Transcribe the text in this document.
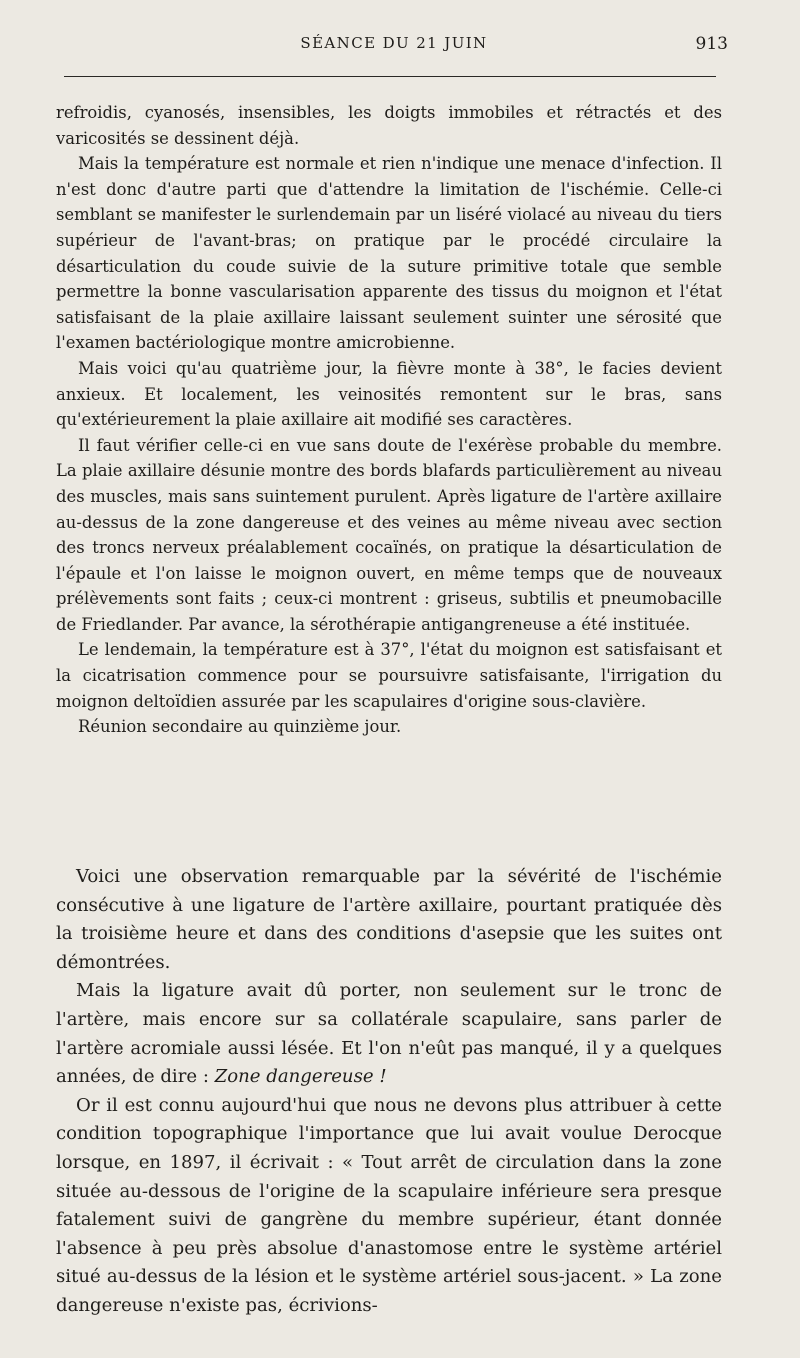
SÉANCE DU 21 JUIN	913

refroidis, cyanosés, insensibles, les doigts immobiles et rétractés et des varicosités se dessinent déjà.

Mais la température est normale et rien n'indique une menace d'infection. Il n'est donc d'autre parti que d'attendre la limitation de l'ischémie. Celle-ci semblant se manifester le surlendemain par un liséré violacé au niveau du tiers supérieur de l'avant-bras; on pratique par le procédé circulaire la désarticulation du coude suivie de la suture primitive totale que semble permettre la bonne vascularisation apparente des tissus du moignon et l'état satisfaisant de la plaie axillaire laissant seulement suinter une sérosité que l'examen bactériologique montre amicrobienne.

Mais voici qu'au quatrième jour, la fièvre monte à 38°, le facies devient anxieux. Et localement, les veinosités remontent sur le bras, sans qu'extérieurement la plaie axillaire ait modifié ses caractères.

Il faut vérifier celle-ci en vue sans doute de l'exérèse probable du membre. La plaie axillaire désunie montre des bords blafards particulièrement au niveau des muscles, mais sans suintement purulent. Après ligature de l'artère axillaire au-dessus de la zone dangereuse et des veines au même niveau avec section des troncs nerveux préalablement cocaïnés, on pratique la désarticulation de l'épaule et l'on laisse le moignon ouvert, en même temps que de nouveaux prélèvements sont faits ; ceux-ci montrent : griseus, subtilis et pneumobacille de Friedlander. Par avance, la sérothérapie antigangreneuse a été instituée.

Le lendemain, la température est à 37°, l'état du moignon est satisfaisant et la cicatrisation commence pour se poursuivre satisfaisante, l'irrigation du moignon deltoïdien assurée par les scapulaires d'origine sous-clavière.

Réunion secondaire au quinzième jour.

Voici une observation remarquable par la sévérité de l'ischémie consécutive à une ligature de l'artère axillaire, pourtant pratiquée dès la troisième heure et dans des conditions d'asepsie que les suites ont démontrées.

Mais la ligature avait dû porter, non seulement sur le tronc de l'artère, mais encore sur sa collatérale scapulaire, sans parler de l'artère acromiale aussi lésée. Et l'on n'eût pas manqué, il y a quelques années, de dire : Zone dangereuse !

Or il est connu aujourd'hui que nous ne devons plus attribuer à cette condition topographique l'importance que lui avait voulue Derocque lorsque, en 1897, il écrivait : « Tout arrêt de circulation dans la zone située au-dessous de l'origine de la scapulaire inférieure sera presque fatalement suivi de gangrène du membre supérieur, étant donnée l'absence à peu près absolue d'anastomose entre le système artériel situé au-dessus de la lésion et le système artériel sous-jacent. » La zone dangereuse n'existe pas, écrivions-
